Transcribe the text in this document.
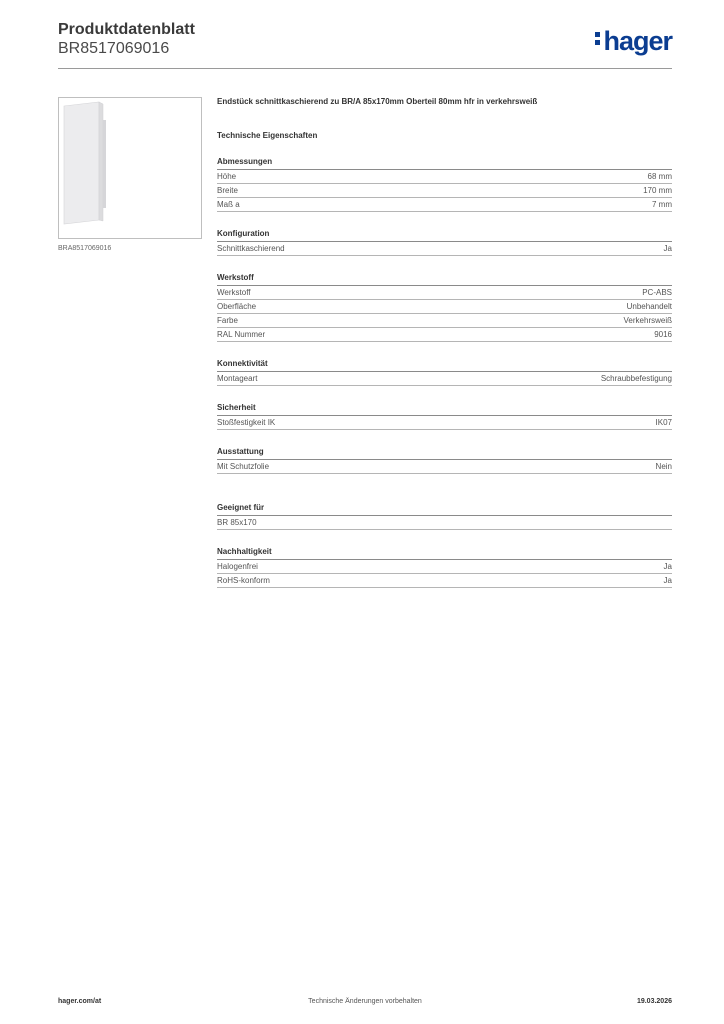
Produktdatenblatt

BR8517069016	hager
BRA8517069016

Endstück schnittkaschierend zu BR/A 85x170mm Oberteil 80mm hfr in verkehrsweiß

Technische Eigenschaften

Abmessungen
Höhe	68 mm
Breite	170 mm
Maß a	7 mm
Konfiguration
Schnittkaschierend	Ja
Werkstoff
Werkstoff	PC-ABS
Oberfläche	Unbehandelt
Farbe	Verkehrsweiß
RAL Nummer	9016
Konnektivität
Montageart	Schraubbefestigung
Sicherheit
Stoßfestigkeit IK	IK07
Ausstattung
Mit Schutzfolie	Nein
Geeignet für
BR 85x170
Nachhaltigkeit
Halogenfrei	Ja
RoHS-konform	Ja
hager.com/at	Technische Änderungen vorbehalten	19.03.2026
